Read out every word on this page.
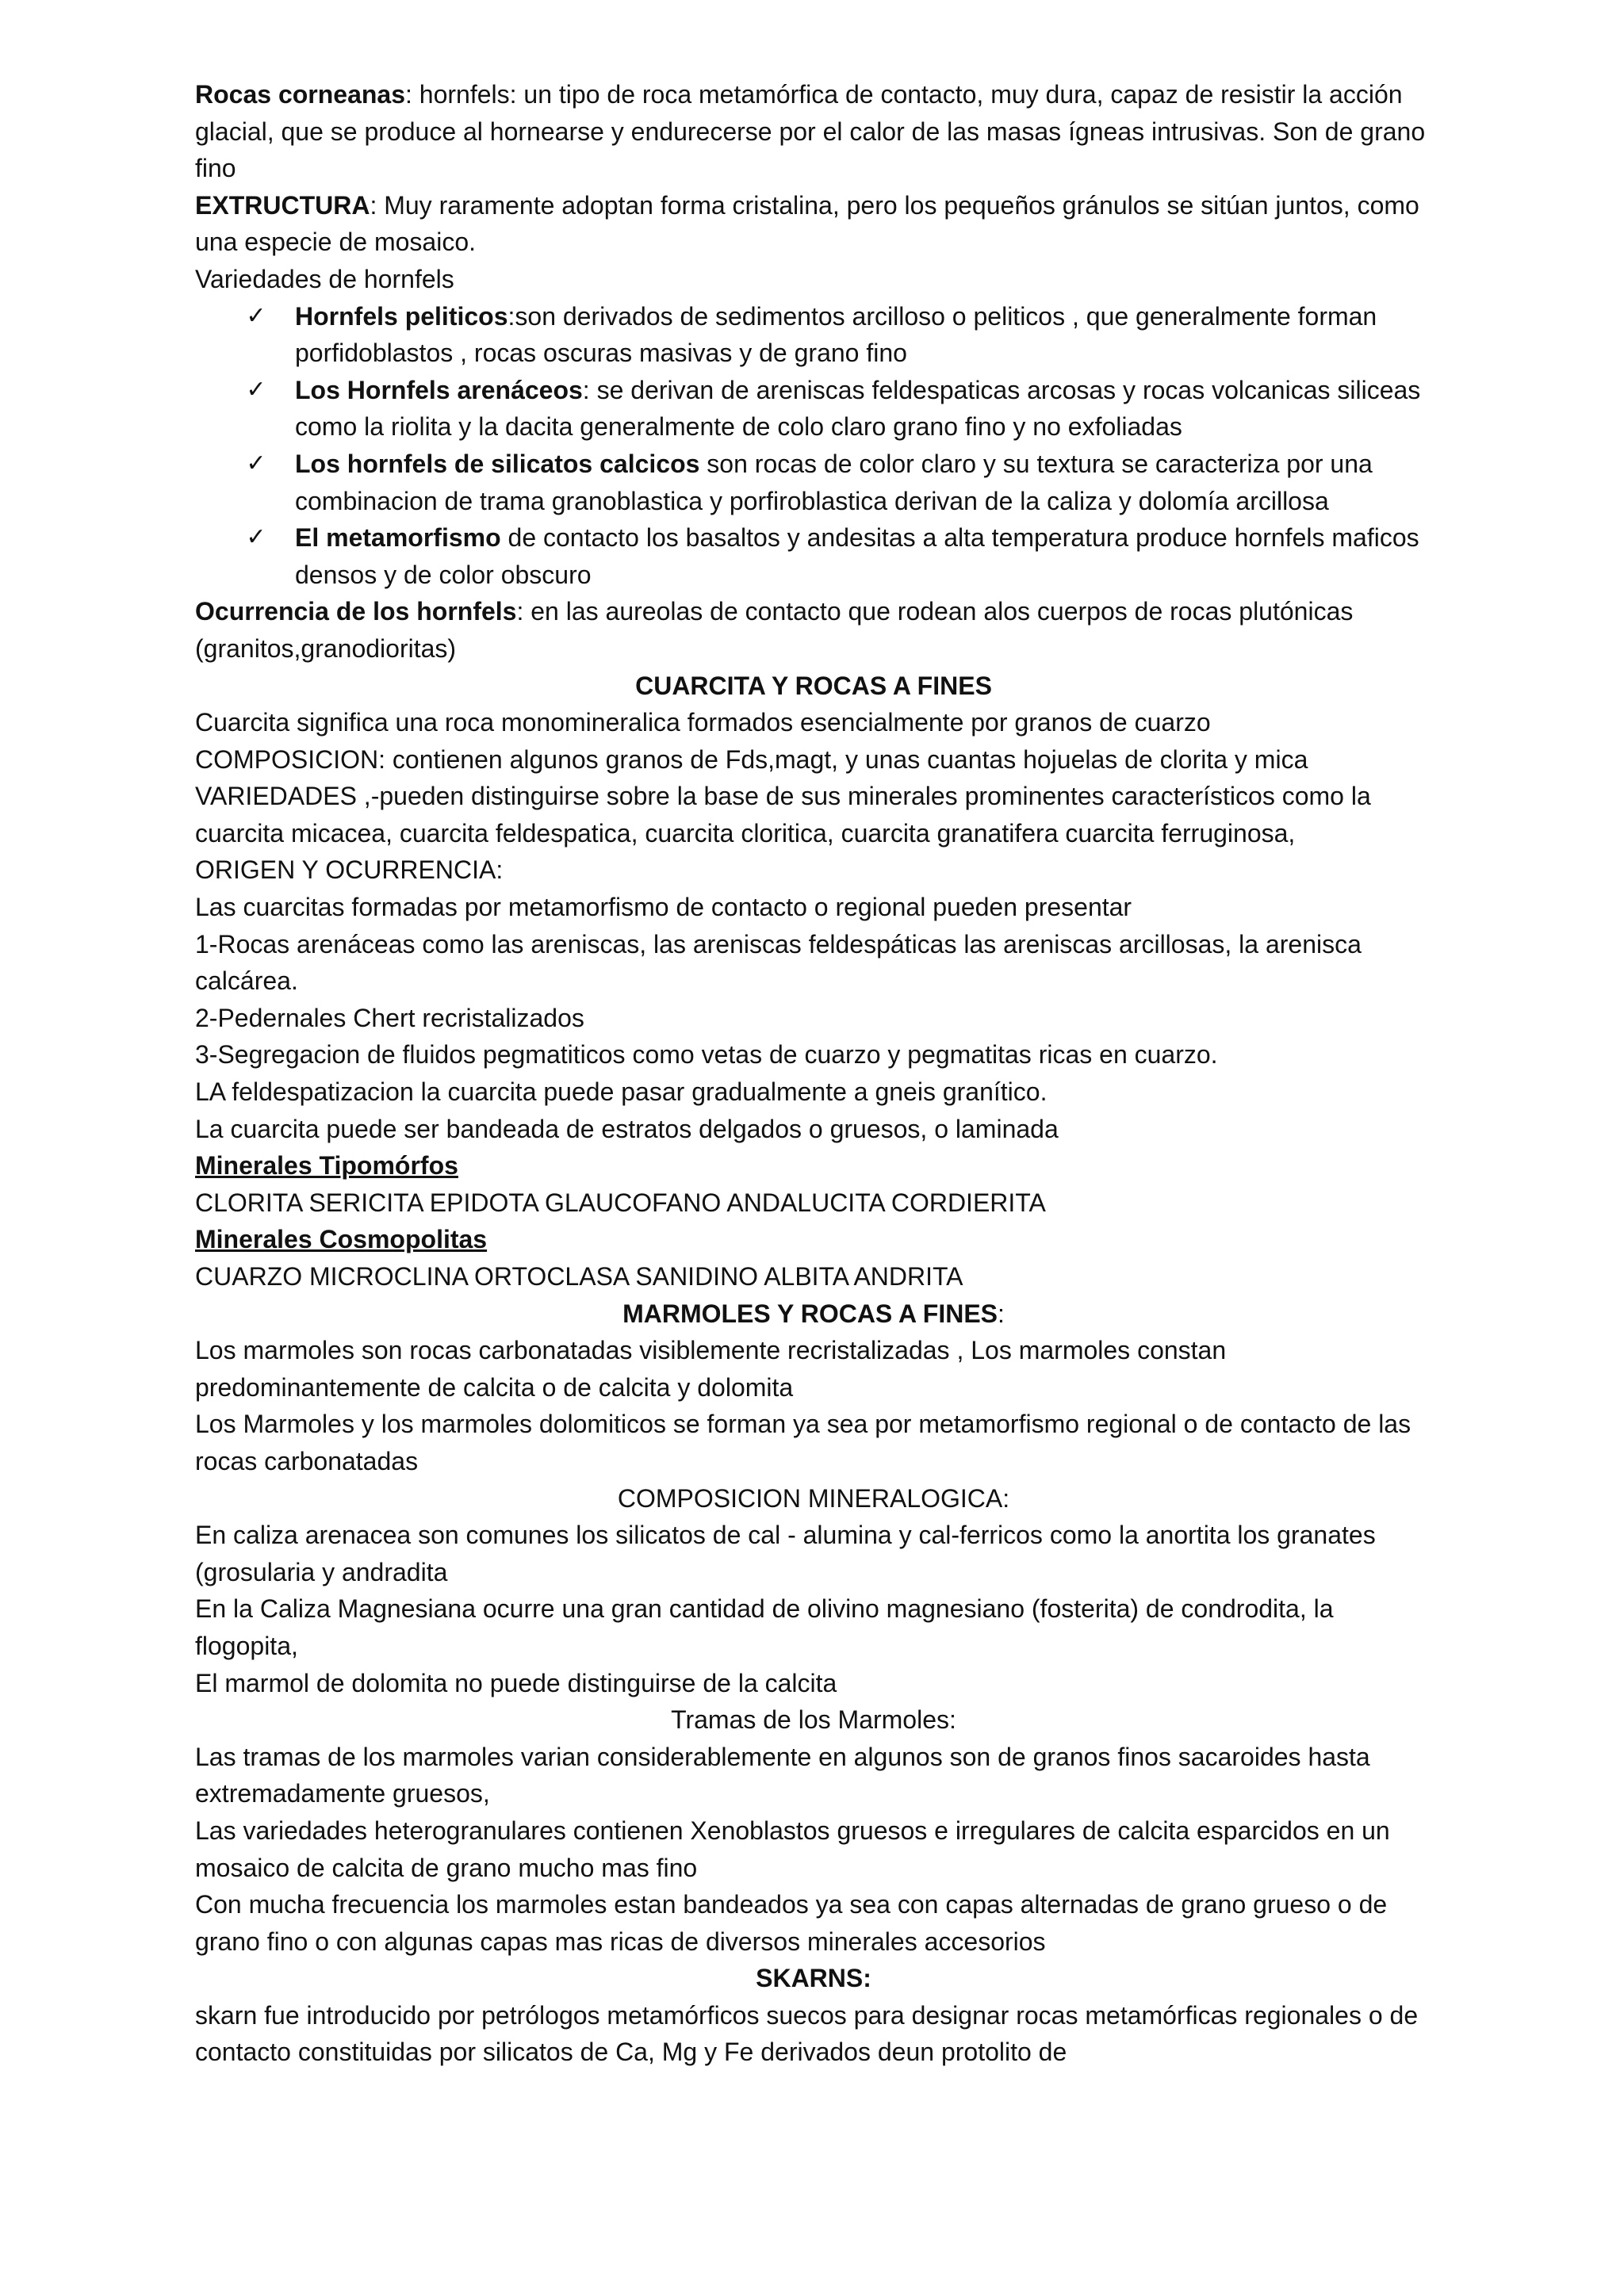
Rocas corneanas: hornfels: un tipo de roca metamórfica de contacto, muy dura, capaz de resistir la acción glacial, que se produce al hornearse y endurecerse por el calor de las masas ígneas intrusivas. Son de grano fino

EXTRUCTURA: Muy raramente adoptan forma cristalina, pero los pequeños gránulos se sitúan juntos, como una especie de mosaico.

Variedades de hornfels

✓ Hornfels peliticos:son derivados de sedimentos arcilloso o peliticos , que generalmente forman porfidoblastos , rocas oscuras masivas y de grano fino
✓ Los Hornfels arenáceos: se derivan de areniscas feldespaticas arcosas y rocas volcanicas siliceas como la riolita y la dacita generalmente de colo claro grano fino y no exfoliadas
✓ Los hornfels de silicatos calcicos son rocas de color claro y su textura se caracteriza por una combinacion de trama granoblastica y porfiroblastica derivan de la caliza y dolomía arcillosa
✓ El metamorfismo de contacto los basaltos y andesitas a alta temperatura produce hornfels maficos densos y de color obscuro

Ocurrencia de los hornfels: en las aureolas de contacto que rodean alos cuerpos de rocas plutónicas (granitos,granodioritas)

CUARCITA Y ROCAS A FINES

Cuarcita significa una roca monomineralica formados esencialmente por granos de cuarzo

COMPOSICION: contienen algunos granos de Fds,magt, y unas cuantas hojuelas de clorita y mica

VARIEDADES ,-pueden distinguirse sobre la base de sus minerales prominentes característicos como la cuarcita micacea, cuarcita feldespatica, cuarcita cloritica, cuarcita granatifera cuarcita ferruginosa,

ORIGEN Y OCURRENCIA:

Las cuarcitas formadas por metamorfismo de contacto o regional pueden presentar

1-Rocas arenáceas como las areniscas, las areniscas feldespáticas las areniscas arcillosas, la arenisca calcárea.

2-Pedernales Chert recristalizados

3-Segregacion de fluidos pegmatiticos como vetas de cuarzo y pegmatitas ricas en cuarzo.

LA feldespatizacion la cuarcita puede pasar gradualmente a gneis granítico.

La cuarcita puede ser bandeada de estratos delgados o gruesos, o laminada

Minerales Tipomórfos

CLORITA SERICITA EPIDOTA GLAUCOFANO ANDALUCITA CORDIERITA

Minerales Cosmopolitas

CUARZO MICROCLINA ORTOCLASA SANIDINO ALBITA ANDRITA

MARMOLES Y ROCAS A FINES:

Los marmoles son rocas carbonatadas visiblemente recristalizadas , Los marmoles constan predominantemente de calcita o de calcita y dolomita

Los Marmoles y los marmoles dolomiticos se forman ya sea por metamorfismo regional o de contacto de las rocas carbonatadas

COMPOSICION MINERALOGICA:

En caliza arenacea son comunes los silicatos de cal - alumina y cal-ferricos como la anortita los granates (grosularia y andradita

En la Caliza Magnesiana ocurre una gran cantidad de olivino magnesiano (fosterita) de condrodita, la flogopita,

El marmol de dolomita no puede distinguirse de la calcita

Tramas de los Marmoles:

Las tramas de los marmoles varian considerablemente en algunos son de granos finos sacaroides hasta extremadamente gruesos,

Las variedades heterogranulares contienen Xenoblastos gruesos e irregulares de calcita esparcidos en un mosaico de calcita de grano mucho mas fino

Con mucha frecuencia los marmoles estan bandeados ya sea con capas alternadas de grano grueso o de grano fino o con algunas capas mas ricas de diversos minerales accesorios

SKARNS:

skarn fue introducido por petrólogos metamórficos suecos para designar rocas metamórficas regionales o de contacto constituidas por silicatos de Ca, Mg y Fe derivados deun protolito de
